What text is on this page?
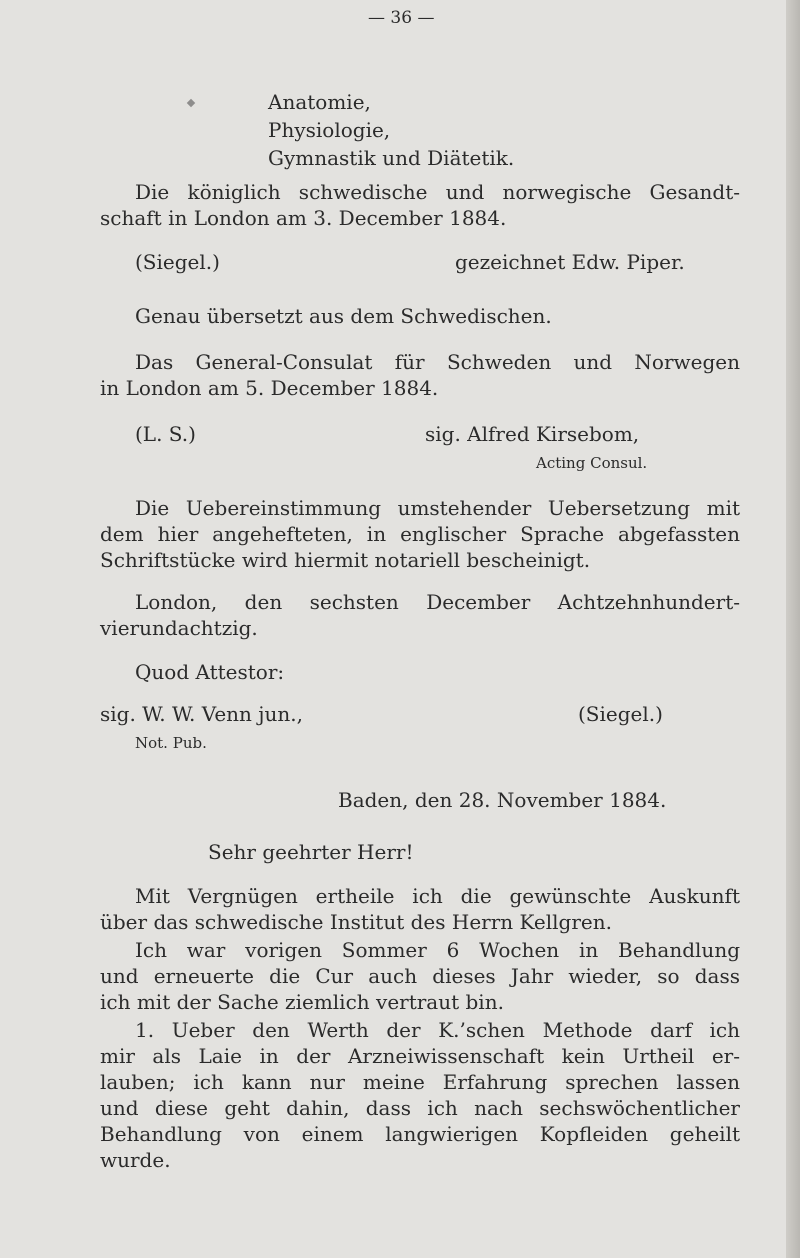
— 36 —
Anatomie,
Physiologie,
Gymnastik und Diätetik.
Die königlich schwedische und norwegische Gesandt-
schaft in London am 3. December 1884.
(Siegel.)	gezeichnet Edw. Piper.
Genau übersetzt aus dem Schwedischen.
Das General-Consulat für Schweden und Norwegen
in London am 5. December 1884.
(L. S.)	sig. Alfred Kirsebom,
Acting Consul.
Die Uebereinstimmung umstehender Uebersetzung mit
dem hier angehefteten, in englischer Sprache abgefassten
Schriftstücke wird hiermit notariell bescheinigt.
London, den sechsten December Achtzehnhundert-
vierundachtzig.
Quod Attestor:
sig. W. W. Venn jun.,	(Siegel.)
Not. Pub.
Baden, den 28. November 1884.
Sehr geehrter Herr!
Mit Vergnügen ertheile ich die gewünschte Auskunft
über das schwedische Institut des Herrn Kellgren.
Ich war vorigen Sommer 6 Wochen in Behandlung
und erneuerte die Cur auch dieses Jahr wieder, so dass
ich mit der Sache ziemlich vertraut bin.
1. Ueber den Werth der K.’schen Methode darf ich
mir als Laie in der Arzneiwissenschaft kein Urtheil er-
lauben; ich kann nur meine Erfahrung sprechen lassen
und diese geht dahin, dass ich nach sechswöchentlicher
Behandlung von einem langwierigen Kopfleiden geheilt
wurde.
